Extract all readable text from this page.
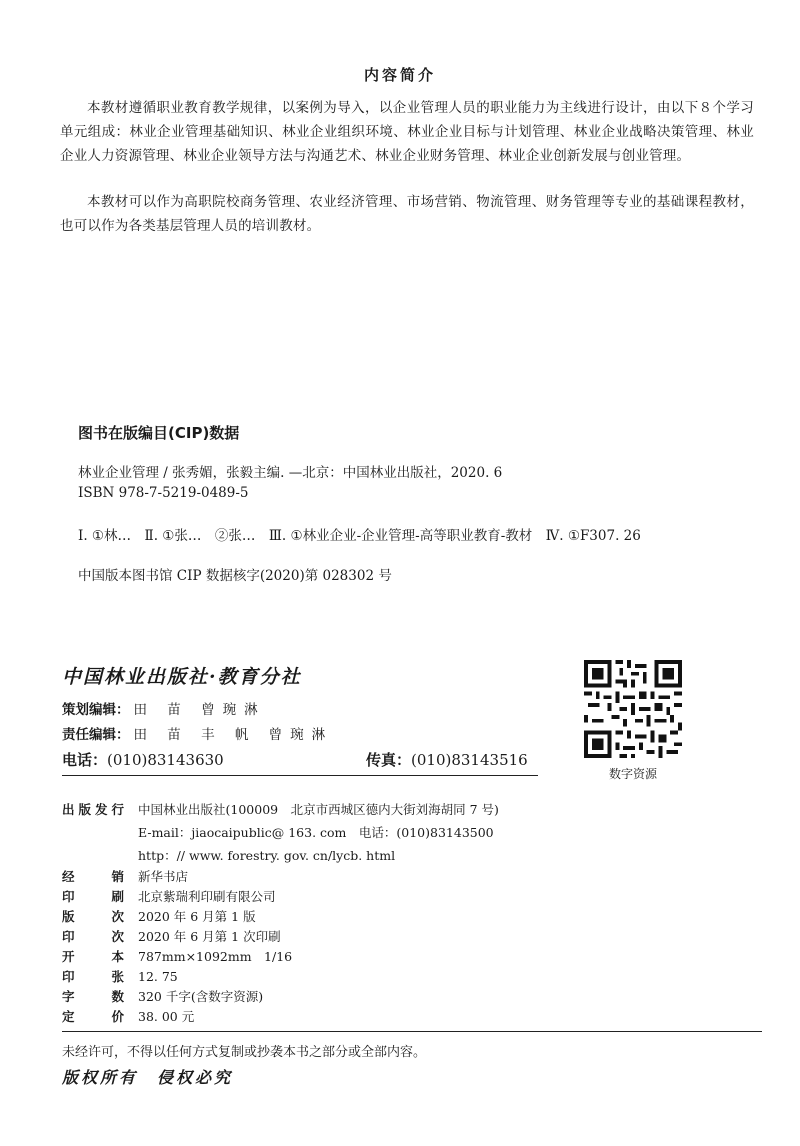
内容简介

本教材遵循职业教育教学规律，以案例为导入，以企业管理人员的职业能力为主线进行设计，由以下８个学习单元组成：林业企业管理基础知识、林业企业组织环境、林业企业目标与计划管理、林业企业战略决策管理、林业企业人力资源管理、林业企业领导方法与沟通艺术、林业企业财务管理、林业企业创新发展与创业管理。

本教材可以作为高职院校商务管理、农业经济管理、市场营销、物流管理、财务管理等专业的基础课程教材，也可以作为各类基层管理人员的培训教材。

图书在版编目(CIP)数据
林业企业管理 / 张秀媚，张毅主编. —北京：中国林业出版社，2020. 6
ISBN 978-7-5219-0489-5
Ⅰ. ①林…　Ⅱ. ①张…　②张…　Ⅲ. ①林业企业-企业管理-高等职业教育-教材　Ⅳ. ①F307. 26
中国版本图书馆 CIP 数据核字(2020)第 028302 号
中国林业出版社·教育分社
策划编辑： 田 苗 曾琬淋
责任编辑： 田 苗 丰 帆 曾琬淋
电话：(010)83143630	传真：(010)83143516
数字资源
出版发行 中国林业出版社(100009　北京市西城区德内大街刘海胡同 7 号)
E-mail：jiaocaipublic@ 163. com　电话：(010)83143500
http：// www. forestry. gov. cn/lycb. html
经销 新华书店
印刷 北京紫瑞利印刷有限公司
版次 2020 年 6 月第 1 版
印次 2020 年 6 月第 1 次印刷
开本 787mm×1092mm　1/16
印张 12. 75
字数 320 千字(含数字资源)
定价 38. 00 元
未经许可，不得以任何方式复制或抄袭本书之部分或全部内容。
版权所有　侵权必究
